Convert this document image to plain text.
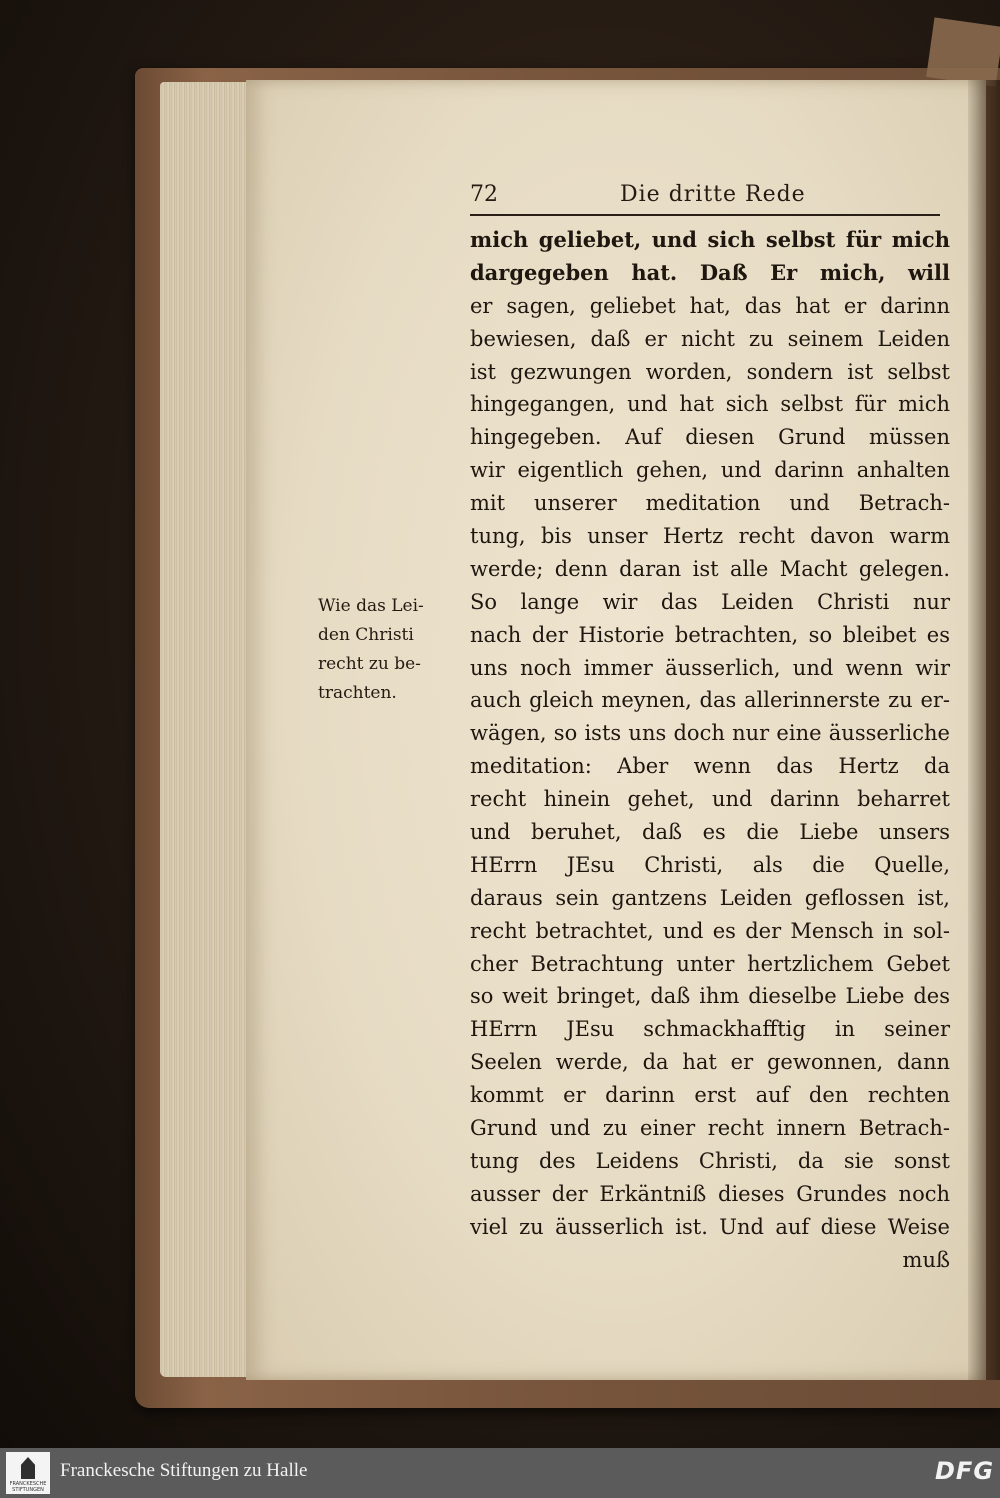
72	Die dritte Rede
Wie das Lei-
den Christi
recht zu be-
trachten.
mich geliebet, und sich selbst für mich
dargegeben hat. Daß Er mich, will
er sagen, geliebet hat, das hat er darinn
bewiesen, daß er nicht zu seinem Leiden
ist gezwungen worden, sondern ist selbst
hingegangen, und hat sich selbst für mich
hingegeben. Auf diesen Grund müssen
wir eigentlich gehen, und darinn anhalten
mit unserer meditation und Betrach-
tung, bis unser Hertz recht davon warm
werde; denn daran ist alle Macht gelegen.
So lange wir das Leiden Christi nur
nach der Historie betrachten, so bleibet es
uns noch immer äusserlich, und wenn wir
auch gleich meynen, das allerinnerste zu er-
wägen, so ists uns doch nur eine äusserliche
meditation: Aber wenn das Hertz da
recht hinein gehet, und darinn beharret
und beruhet, daß es die Liebe unsers
HErrn JEsu Christi, als die Quelle,
daraus sein gantzens Leiden geflossen ist,
recht betrachtet, und es der Mensch in sol-
cher Betrachtung unter hertzlichem Gebet
so weit bringet, daß ihm dieselbe Liebe des
HErrn JEsu schmackhafftig in seiner
Seelen werde, da hat er gewonnen, dann
kommt er darinn erst auf den rechten
Grund und zu einer recht innern Betrach-
tung des Leidens Christi, da sie sonst
ausser der Erkäntniß dieses Grundes noch
viel zu äusserlich ist. Und auf diese Weise
muß
FRANCKESCHE STIFTUNGEN
Franckesche Stiftungen zu Halle	DFG
